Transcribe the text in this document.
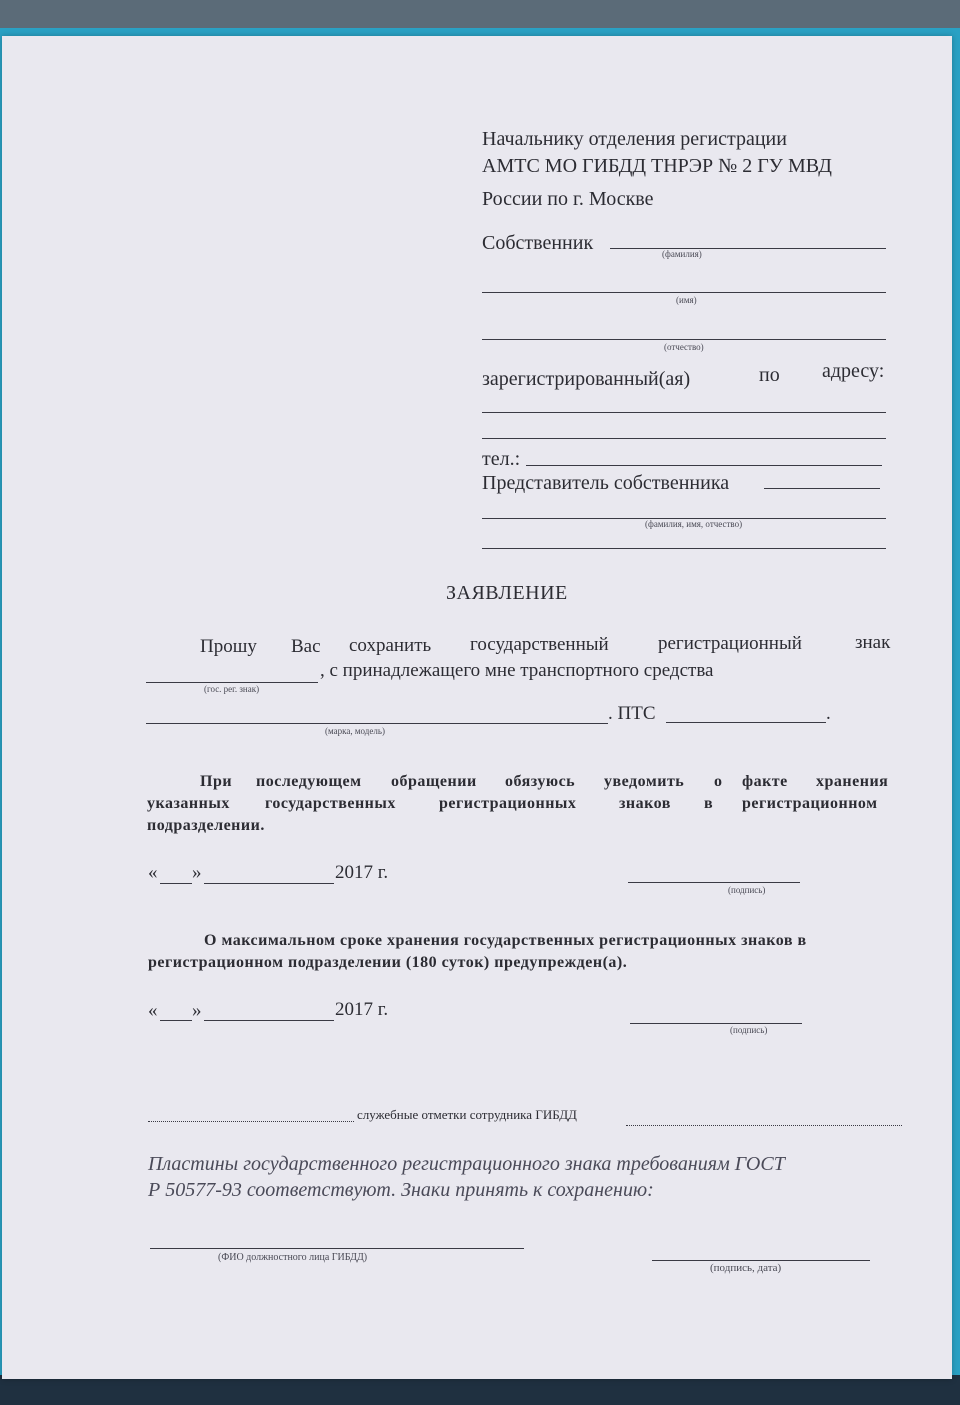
Начальнику отделения регистрации
АМТС МО ГИБДД ТНРЭР № 2 ГУ МВД
России по г. Москве
Собственник	(фамилия)
(имя)
(отчество)
зарегистрированный(ая)	по адресу:
тел.:
Представитель собственника
(фамилия, имя, отчество)
ЗАЯВЛЕНИЕ
Прошу Вас сохранить государственный	регистрационный	знак
, с принадлежащего мне транспортного средства
(гос. рег. знак)
. ПТС	.
(марка, модель)
При последующем обращении обязуюсь уведомить о факте хранения
указанных государственных	регистрационных	знаков в регистрационном
подразделении.
« »	2017 г.
(подпись)
О максимальном сроке хранения государственных регистрационных знаков в
регистрационном подразделении (180 суток) предупрежден(а).
« »	2017 г.
(подпись)
служебные отметки сотрудника ГИБДД
Пластины государственного регистрационного знака требованиям ГОСТ
Р 50577-93 соответствуют. Знаки принять к сохранению:
(ФИО должностного лица ГИБДД)
(подпись, дата)
